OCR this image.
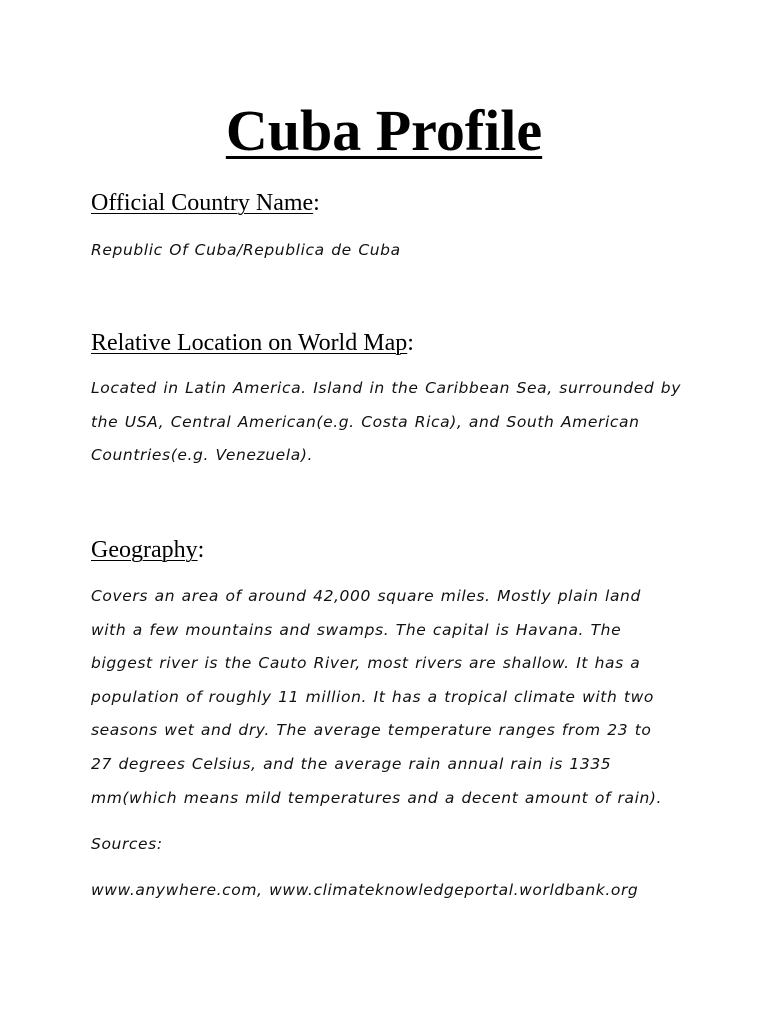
Cuba Profile
Official Country Name:
Republic Of Cuba/Republica de Cuba
Relative Location on World Map:
Located in Latin America. Island in the Caribbean Sea, surrounded by
the USA, Central American(e.g. Costa Rica), and South American
Countries(e.g. Venezuela).
Geography:
Covers an area of around 42,000 square miles. Mostly plain land
with a few mountains and swamps. The capital is Havana. The
biggest river is the Cauto River, most rivers are shallow. It has a
population of roughly 11 million. It has a tropical climate with two
seasons wet and dry. The average temperature ranges from 23 to
27 degrees Celsius, and the average rain annual rain is 1335
mm(which means mild temperatures and a decent amount of rain).
Sources:
www.anywhere.com, www.climateknowledgeportal.worldbank.org
